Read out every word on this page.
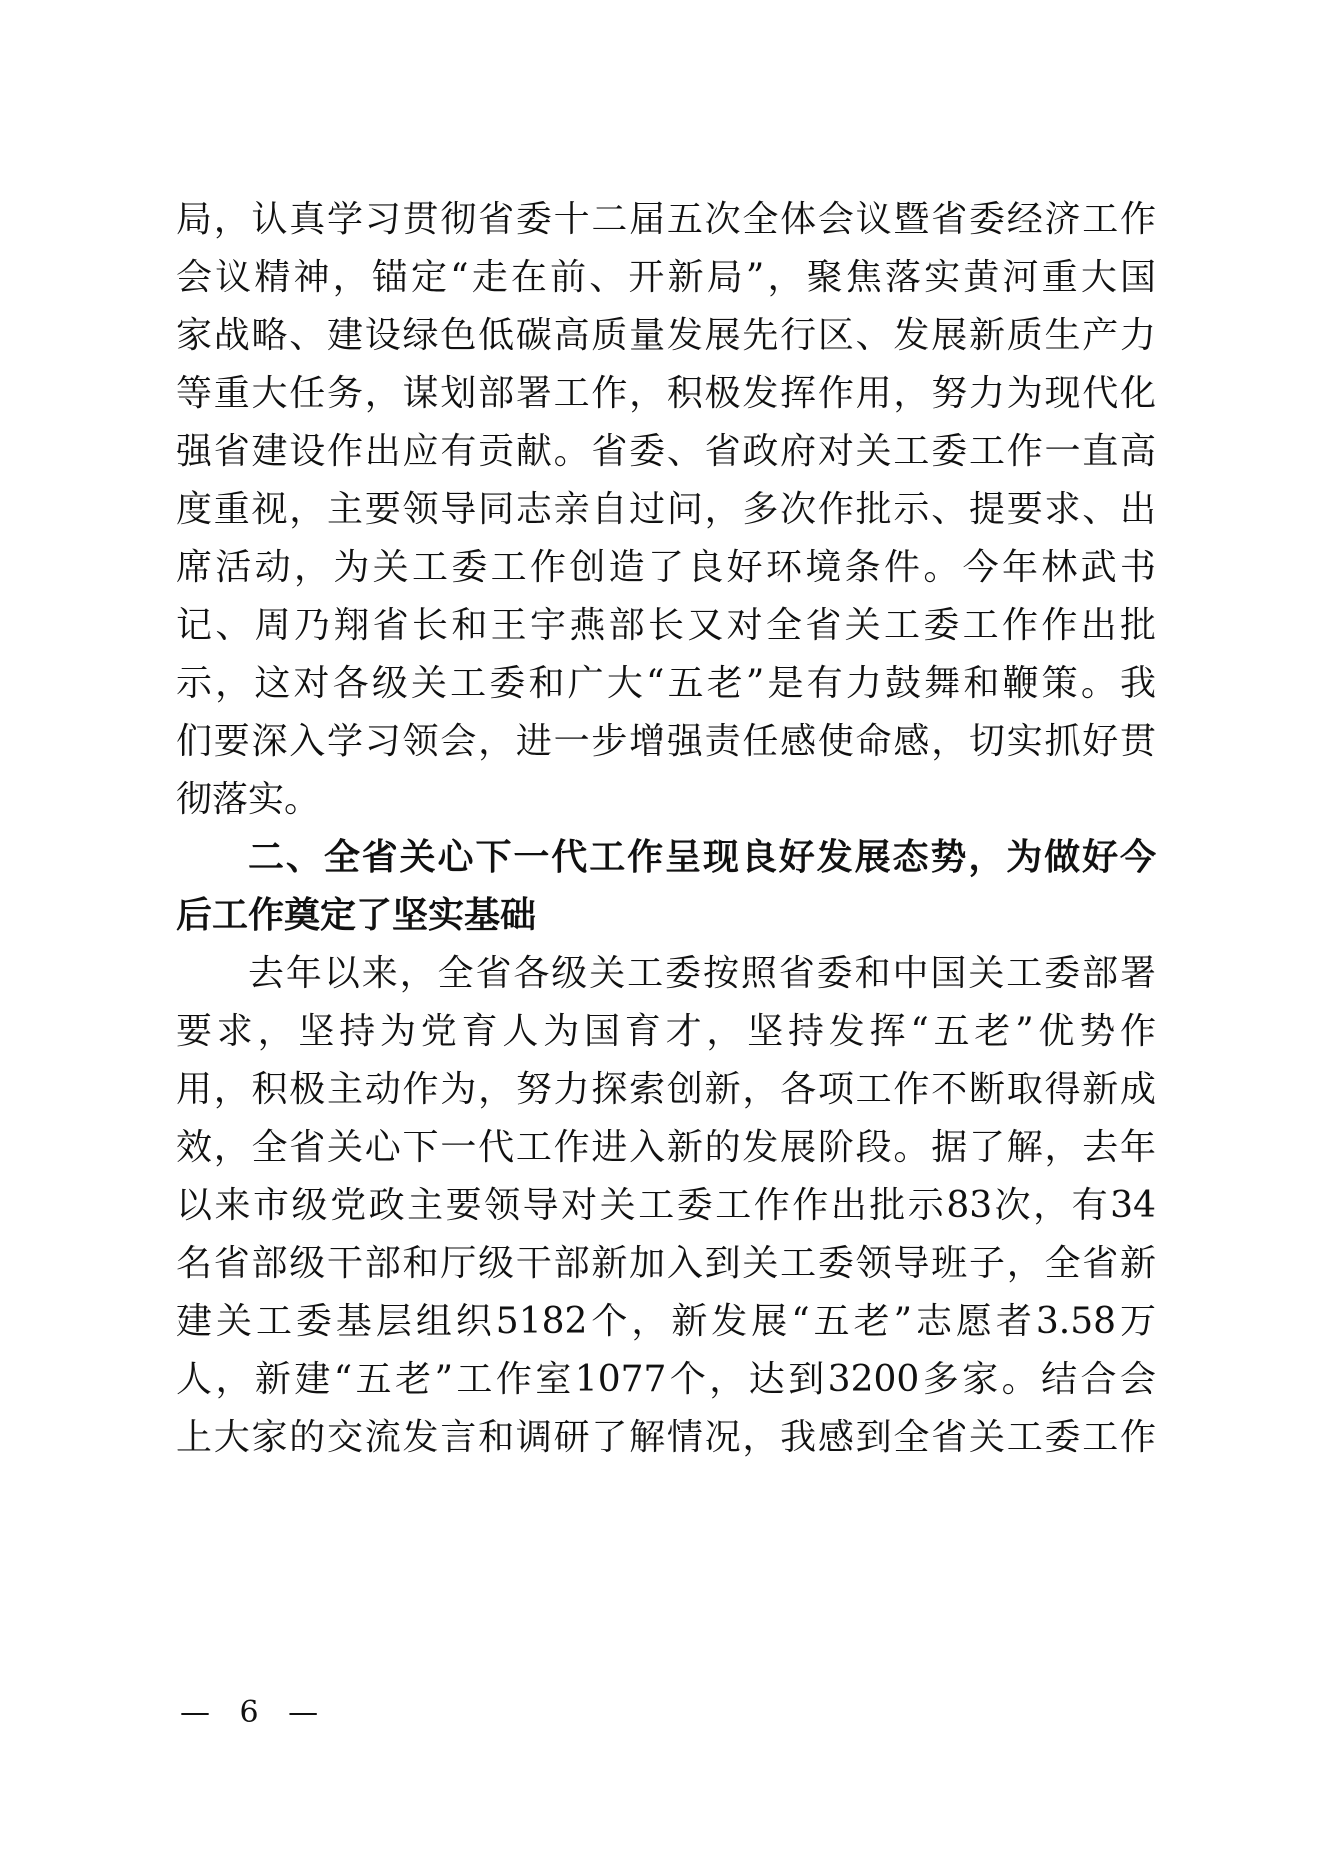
局，认真学习贯彻省委十二届五次全体会议暨省委经济工作
会议精神，锚定“走在前、开新局”，聚焦落实黄河重大国
家战略、建设绿色低碳高质量发展先行区、发展新质生产力
等重大任务，谋划部署工作，积极发挥作用，努力为现代化
强省建设作出应有贡献。省委、省政府对关工委工作一直高
度重视，主要领导同志亲自过问，多次作批示、提要求、出
席活动，为关工委工作创造了良好环境条件。今年林武书
记、周乃翔省长和王宇燕部长又对全省关工委工作作出批
示，这对各级关工委和广大“五老”是有力鼓舞和鞭策。我
们要深入学习领会，进一步增强责任感使命感，切实抓好贯
彻落实。
二、全省关心下一代工作呈现良好发展态势，为做好今
后工作奠定了坚实基础
去年以来，全省各级关工委按照省委和中国关工委部署
要求，坚持为党育人为国育才，坚持发挥“五老”优势作
用，积极主动作为，努力探索创新，各项工作不断取得新成
效，全省关心下一代工作进入新的发展阶段。据了解，去年
以来市级党政主要领导对关工委工作作出批示83次，有34
名省部级干部和厅级干部新加入到关工委领导班子，全省新
建关工委基层组织5182个，新发展“五老”志愿者3.58万
人，新建“五老”工作室1077个，达到3200多家。结合会
上大家的交流发言和调研了解情况，我感到全省关工委工作
— 6 —
